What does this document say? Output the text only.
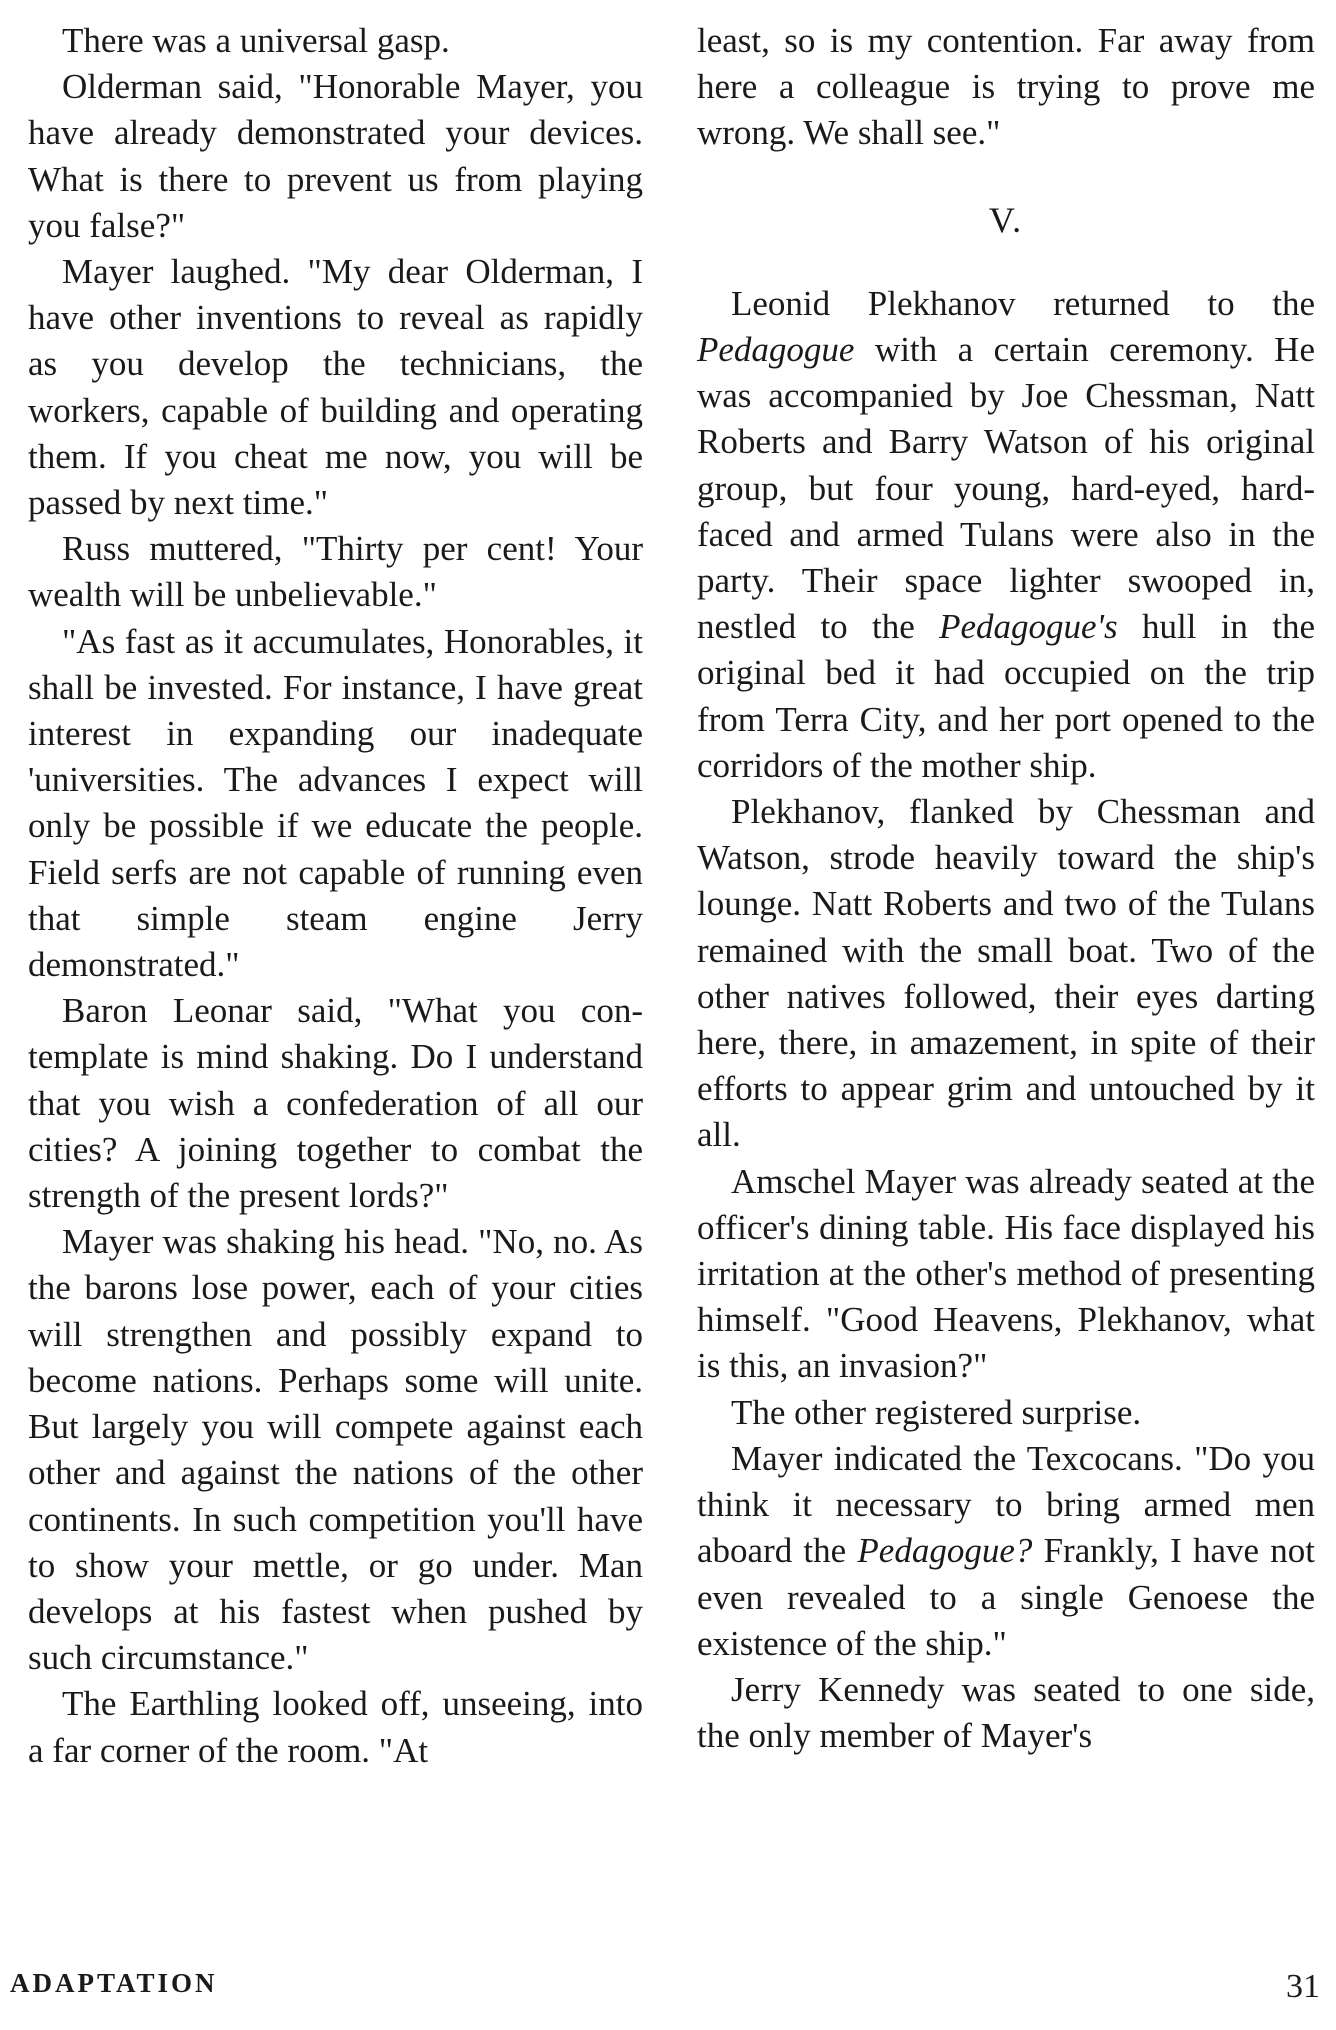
There was a universal gasp.

Olderman said, "Honorable Mayer, you have already demonstrated your devices. What is there to prevent us from playing you false?"

Mayer laughed. "My dear Olderman, I have other inventions to reveal as rapidly as you develop the technicians, the workers, capable of building and operating them. If you cheat me now, you will be passed by next time."

Russ muttered, "Thirty per cent! Your wealth will be unbelievable."

"As fast as it accumulates, Honorables, it shall be invested. For instance, I have great interest in expanding our inadequate 'universities. The advances I expect will only be possible if we educate the people. Field serfs are not capable of running even that simple steam engine Jerry demonstrated."

Baron Leonar said, "What you contemplate is mind shaking. Do I understand that you wish a confederation of all our cities? A joining together to combat the strength of the present lords?"

Mayer was shaking his head. "No, no. As the barons lose power, each of your cities will strengthen and possibly expand to become nations. Perhaps some will unite. But largely you will compete against each other and against the nations of the other continents. In such competition you'll have to show your mettle, or go under. Man develops at his fastest when pushed by such circumstance."

The Earthling looked off, unseeing, into a far corner of the room. "At

least, so is my contention. Far away from here a colleague is trying to prove me wrong. We shall see."

V.

Leonid Plekhanov returned to the Pedagogue with a certain ceremony. He was accompanied by Joe Chessman, Natt Roberts and Barry Watson of his original group, but four young, hard-eyed, hard-faced and armed Tulans were also in the party. Their space lighter swooped in, nestled to the Pedagogue's hull in the original bed it had occupied on the trip from Terra City, and her port opened to the corridors of the mother ship.

Plekhanov, flanked by Chessman and Watson, strode heavily toward the ship's lounge. Natt Roberts and two of the Tulans remained with the small boat. Two of the other natives followed, their eyes darting here, there, in amazement, in spite of their efforts to appear grim and untouched by it all.

Amschel Mayer was already seated at the officer's dining table. His face displayed his irritation at the other's method of presenting himself. "Good Heavens, Plekhanov, what is this, an invasion?"

The other registered surprise.

Mayer indicated the Texcocans. "Do you think it necessary to bring armed men aboard the Pedagogue? Frankly, I have not even revealed to a single Genoese the existence of the ship."

Jerry Kennedy was seated to one side, the only member of Mayer's

ADAPTATION	31
